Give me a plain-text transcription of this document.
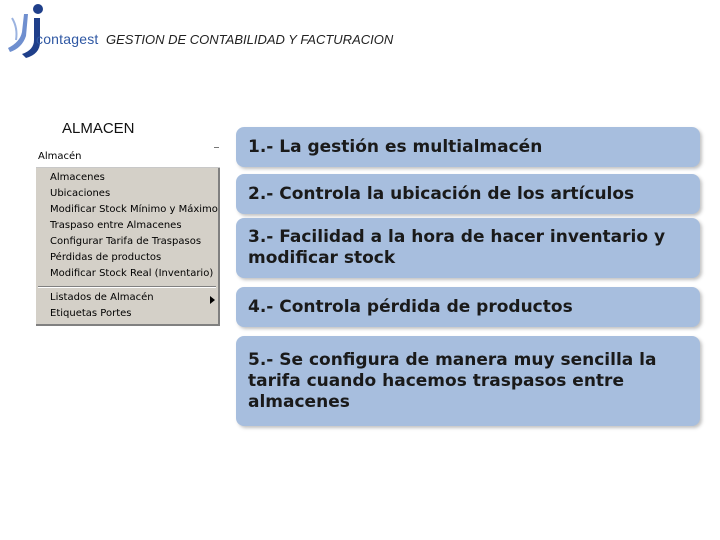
contagest GESTION DE CONTABILIDAD Y FACTURACION
ALMACEN
Almacén
Almacenes
Ubicaciones
Modificar Stock Mínimo y Máximo
Traspaso entre Almacenes
Configurar Tarifa de Traspasos
Pérdidas de productos
Modificar Stock Real (Inventario)
Listados de Almacén
Etiquetas Portes
1.- La gestión es multialmacén
2.- Controla la ubicación de los artículos
3.- Facilidad a la hora de hacer inventario y modificar stock
4.- Controla pérdida de productos
5.- Se configura de manera muy sencilla la tarifa cuando hacemos traspasos entre almacenes
